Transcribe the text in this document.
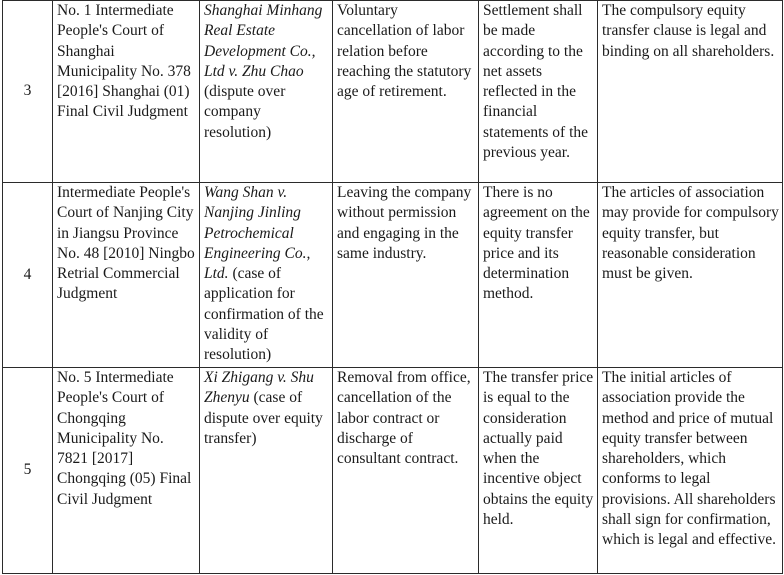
3	No. 1 Intermediate People's Court of Shanghai Municipality No. 378 [2016] Shanghai (01) Final Civil Judgment	Shanghai Minhang Real Estate Development Co., Ltd v. Zhu Chao (dispute over company resolution)	Voluntary cancellation of labor relation before reaching the statutory age of retirement.	Settlement shall be made according to the net assets reflected in the financial statements of the previous year.	The compulsory equity transfer clause is legal and binding on all shareholders.
4	Intermediate People's Court of Nanjing City in Jiangsu Province No. 48 [2010] Ningbo Retrial Commercial Judgment	Wang Shan v. Nanjing Jinling Petrochemical Engineering Co., Ltd. (case of application for confirmation of the validity of resolution)	Leaving the company without permission and engaging in the same industry.	There is no agreement on the equity transfer price and its determination method.	The articles of association may provide for compulsory equity transfer, but reasonable consideration must be given.
5	No. 5 Intermediate People's Court of Chongqing Municipality No. 7821 [2017] Chongqing (05) Final Civil Judgment	Xi Zhigang v. Shu Zhenyu (case of dispute over equity transfer)	Removal from office, cancellation of the labor contract or discharge of consultant contract.	The transfer price is equal to the consideration actually paid when the incentive object obtains the equity held.	The initial articles of association provide the method and price of mutual equity transfer between shareholders, which conforms to legal provisions. All shareholders shall sign for confirmation, which is legal and effective.
